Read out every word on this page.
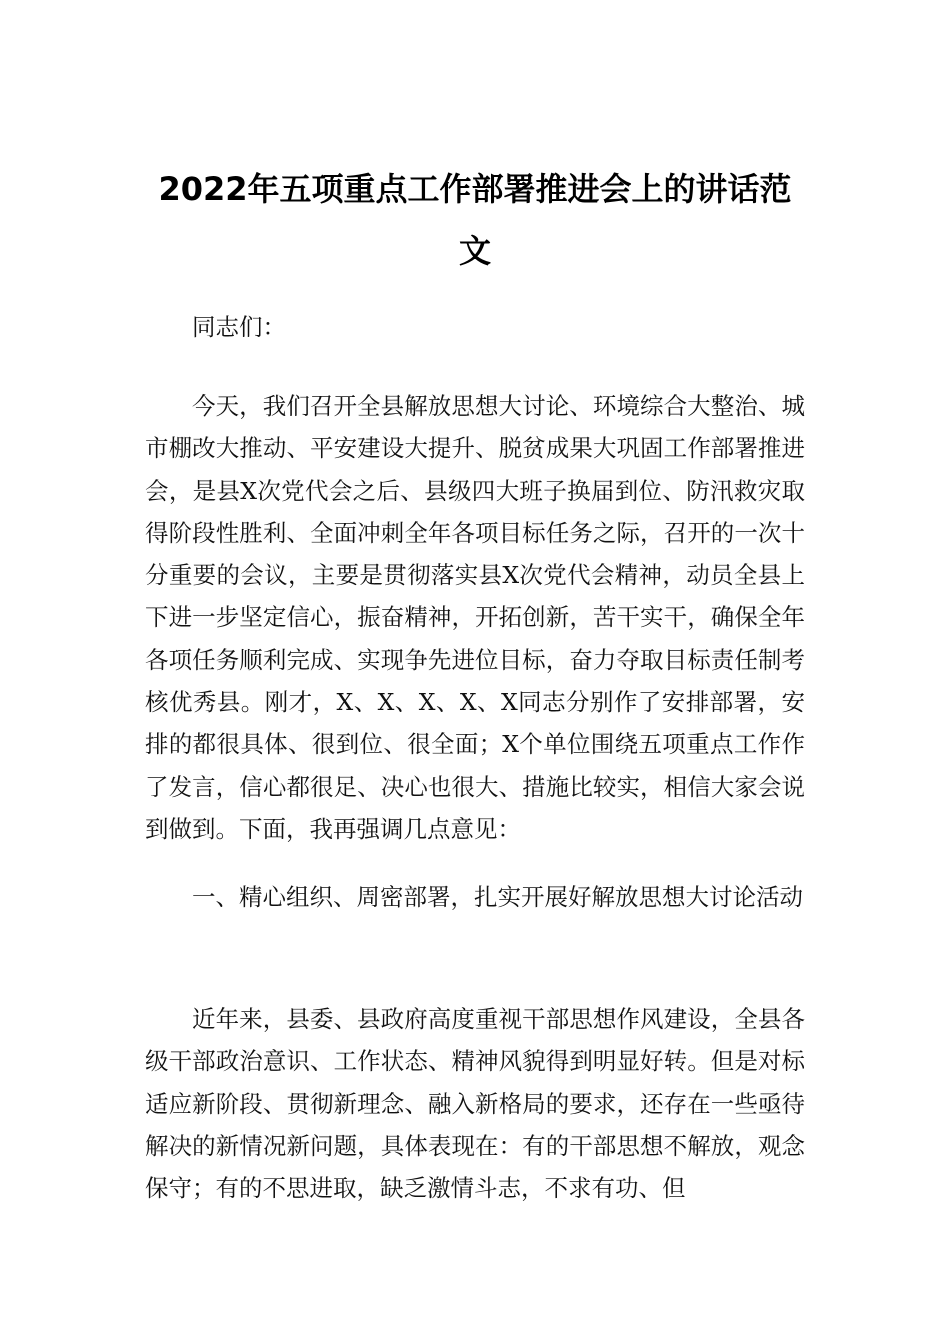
2022年五项重点工作部署推进会上的讲话范文

同志们：

今天，我们召开全县解放思想大讨论、环境综合大整治、城市棚改大推动、平安建设大提升、脱贫成果大巩固工作部署推进会，是县X次党代会之后、县级四大班子换届到位、防汛救灾取得阶段性胜利、全面冲刺全年各项目标任务之际，召开的一次十分重要的会议，主要是贯彻落实县X次党代会精神，动员全县上下进一步坚定信心，振奋精神，开拓创新，苦干实干，确保全年各项任务顺利完成、实现争先进位目标，奋力夺取目标责任制考核优秀县。刚才，X、X、X、X、X同志分别作了安排部署，安排的都很具体、很到位、很全面；X个单位围绕五项重点工作作了发言，信心都很足、决心也很大、措施比较实，相信大家会说到做到。下面，我再强调几点意见：

一、精心组织、周密部署，扎实开展好解放思想大讨论活动

近年来，县委、县政府高度重视干部思想作风建设，全县各级干部政治意识、工作状态、精神风貌得到明显好转。但是对标适应新阶段、贯彻新理念、融入新格局的要求，还存在一些亟待解决的新情况新问题，具体表现在：有的干部思想不解放，观念保守；有的不思进取，缺乏激情斗志，不求有功、但
